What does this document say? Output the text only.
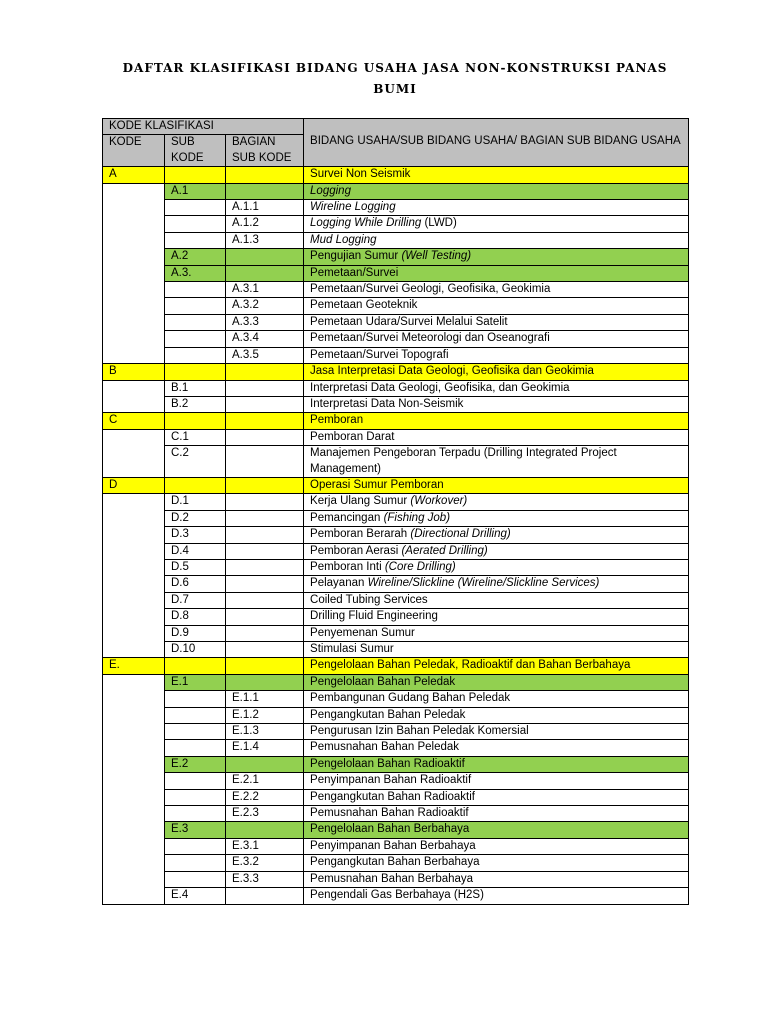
DAFTAR KLASIFIKASI BIDANG USAHA JASA NON-KONSTRUKSI PANAS
BUMI
KODE KLASIFIKASI			BIDANG USAHA/SUB BIDANG USAHA/ BAGIAN SUB BIDANG USAHA
KODE	SUB KODE	BAGIAN SUB KODE	
A			Survei Non Seismik
	A.1		Logging
		A.1.1	Wireline Logging
		A.1.2	Logging While Drilling (LWD)
		A.1.3	Mud Logging
	A.2		Pengujian Sumur (Well Testing)
	A.3.		Pemetaan/Survei
		A.3.1	Pemetaan/Survei Geologi, Geofisika, Geokimia
		A.3.2	Pemetaan Geoteknik
		A.3.3	Pemetaan Udara/Survei Melalui Satelit
		A.3.4	Pemetaan/Survei Meteorologi dan Oseanografi
		A.3.5	Pemetaan/Survei Topografi
B			Jasa Interpretasi Data Geologi, Geofisika dan Geokimia
	B.1		Interpretasi Data Geologi, Geofisika, dan Geokimia
	B.2		Interpretasi Data Non-Seismik
C			Pemboran
	C.1		Pemboran Darat
	C.2		Manajemen Pengeboran Terpadu (Drilling Integrated Project Management)
D			Operasi Sumur Pemboran
	D.1		Kerja Ulang Sumur (Workover)
	D.2		Pemancingan (Fishing Job)
	D.3		Pemboran Berarah (Directional Drilling)
	D.4		Pemboran Aerasi (Aerated Drilling)
	D.5		Pemboran Inti (Core Drilling)
	D.6		Pelayanan Wireline/Slickline (Wireline/Slickline Services)
	D.7		Coiled Tubing Services
	D.8		Drilling Fluid Engineering
	D.9		Penyemenan Sumur
	D.10		Stimulasi Sumur
E.			Pengelolaan Bahan Peledak, Radioaktif dan Bahan Berbahaya
	E.1		Pengelolaan Bahan Peledak
		E.1.1	Pembangunan Gudang Bahan Peledak
		E.1.2	Pengangkutan Bahan Peledak
		E.1.3	Pengurusan Izin Bahan Peledak Komersial
		E.1.4	Pemusnahan Bahan Peledak
	E.2		Pengelolaan Bahan Radioaktif
		E.2.1	Penyimpanan Bahan Radioaktif
		E.2.2	Pengangkutan Bahan Radioaktif
		E.2.3	Pemusnahan Bahan Radioaktif
	E.3		Pengelolaan Bahan Berbahaya
		E.3.1	Penyimpanan Bahan Berbahaya
		E.3.2	Pengangkutan Bahan Berbahaya
		E.3.3	Pemusnahan Bahan Berbahaya
	E.4		Pengendali Gas Berbahaya (H2S)
